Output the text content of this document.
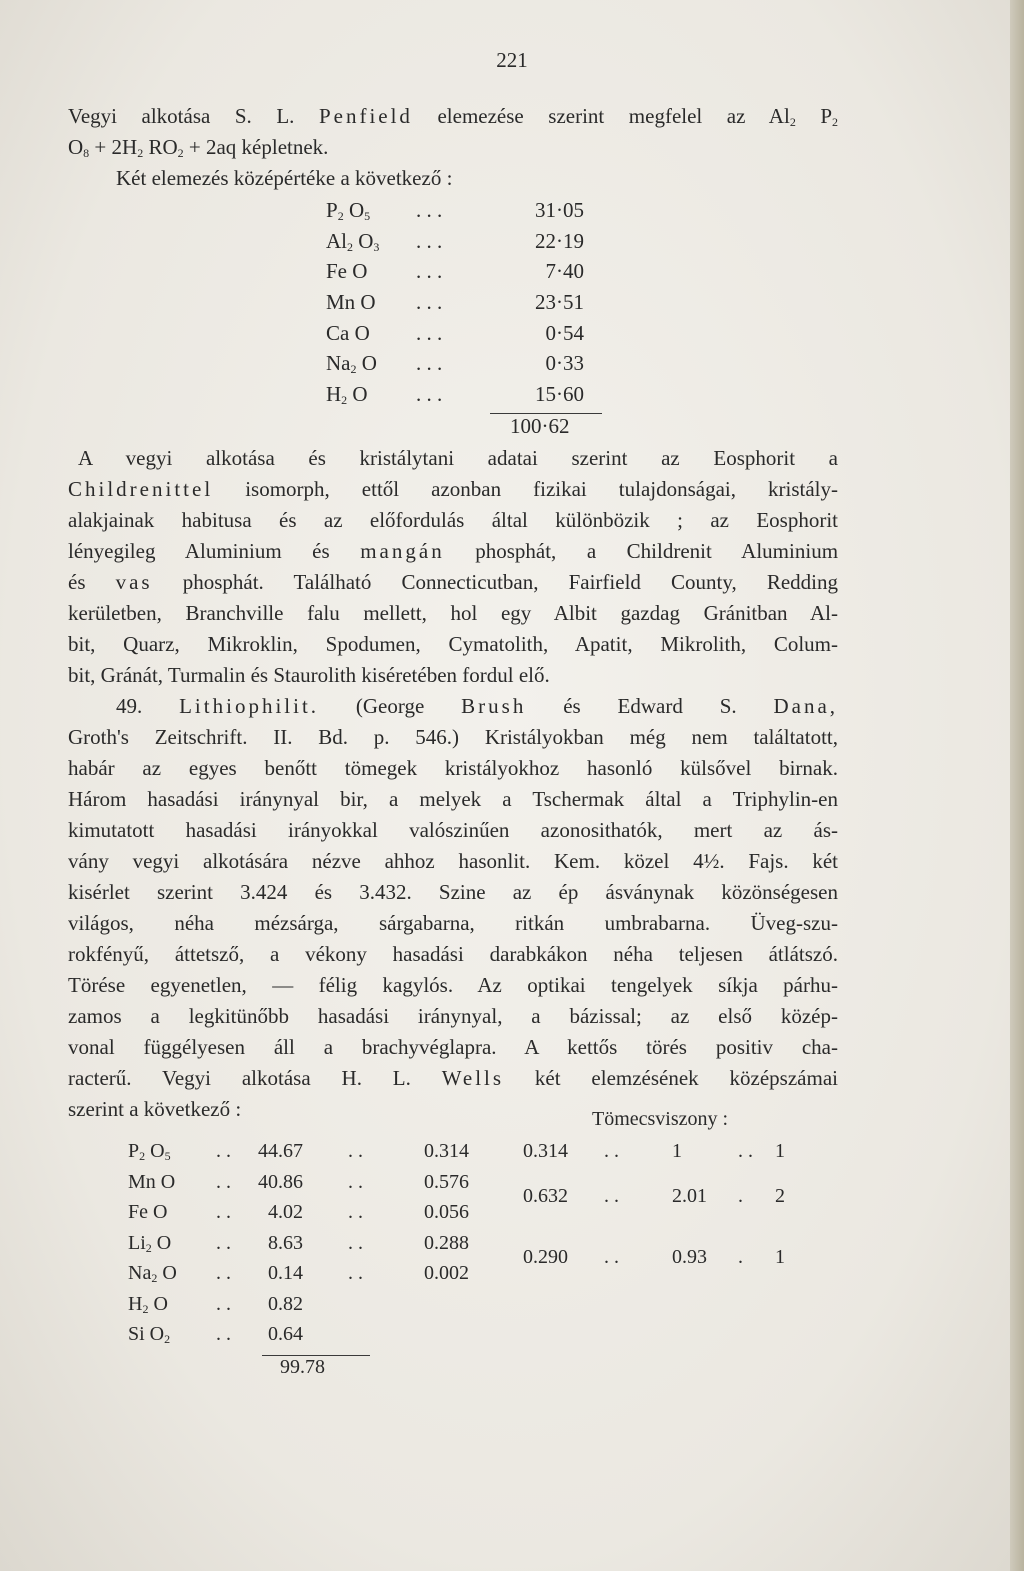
221
Vegyi alkotása S. L. Penfield elemezése szerint megfelel az $Al_2$ $P_2$
$O_8 + 2H_2$ $RO_2 + 2aq$ képletnek.
Két elemezés középértéke a következő :
$P_2$ $O_5$ . . .	31·05
$Al_2$ $O_3$ . . .	22·19
Fe O . . .	7·40
Mn O . . .	23·51
Ca O . . .	0·54
$Na_2$ O . . .	0·33
$H_2$ O . . .	15·60
100·62
A vegyi alkotása és kristálytani adatai szerint az Eosphorit a
Childrenittel isomorph, ettől azonban fizikai tulajdonságai, kristály-
alakjainak habitusa és az előfordulás által különbözik ; az Eosphorit
lényegileg Aluminium és mangán phosphát, a Childrenit Aluminium
és vas phosphát. Található Connecticutban, Fairfield County, Redding
kerületben, Branchville falu mellett, hol egy Albit gazdag Gránitban Al-
bit, Quarz, Mikroklin, Spodumen, Cymatolith, Apatit, Mikrolith, Colum-
bit, Gránát, Turmalin és Staurolith kiséretében fordul elő.
49. Lithiophilit. (George Brush és Edward S. Dana,
Groth's Zeitschrift. II. Bd. p. 546.) Kristályokban még nem találtatott,
habár az egyes benőtt tömegek kristályokhoz hasonló külsővel birnak.
Három hasadási iránynyal bir, a melyek a Tschermak által a Triphylin-en
kimutatott hasadási irányokkal valószinűen azonosithatók, mert az ás-
vány vegyi alkotására nézve ahhoz hasonlit. Kem. közel 4½. Fajs. két
kisérlet szerint 3.424 és 3.432. Szine az ép ásványnak közönségesen
világos, néha mézsárga, sárgabarna, ritkán umbrabarna. Üveg-szu-
rokfényű, áttetsző, a vékony hasadási darabkákon néha teljesen átlátszó.
Törése egyenetlen, — félig kagylós. Az optikai tengelyek síkja párhu-
zamos a legkitünőbb hasadási iránynyal, a bázissal; az első közép-
vonal függélyesen áll a brachyvéglapra. A kettős törés positiv cha-
racterű. Vegyi alkotása H. L. Wells két elemzésének középszámai
szerint a következő :	Tömecsviszony :
$P_2$ $O_5$ . . 44.67 . .	0.314
Mn O . . 40.86 . .	0.576
Fe O . . 4.02 . .	0.056
$Li_2$ O . . 8.63 . .	0.288
$Na_2$ O . . 0.14 . .	0.002
$H_2$ O . . 0.82
Si $O_2$ . . 0.64
0.314 . .	1	. . 1
0.632 . .	2.01 . 2
0.290 . .	0.93 . 1
99.78
